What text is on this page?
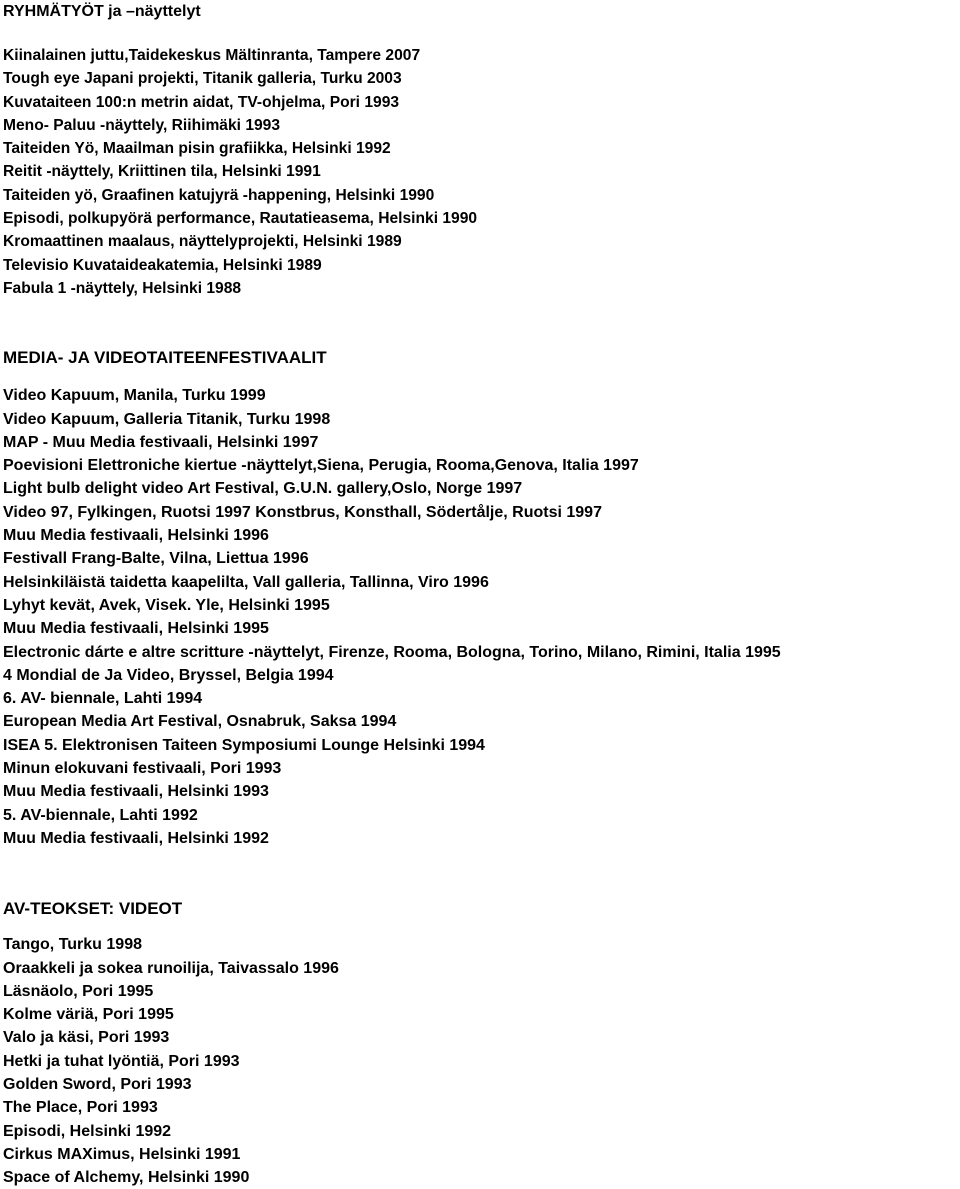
RYHMÄTYÖT ja –näyttelyt
Kiinalainen juttu,Taidekeskus Mältinranta, Tampere 2007
Tough eye Japani projekti, Titanik galleria, Turku 2003
Kuvataiteen 100:n metrin aidat, TV-ohjelma, Pori 1993
Meno- Paluu -näyttely, Riihimäki 1993
Taiteiden Yö, Maailman pisin grafiikka, Helsinki 1992
Reitit -näyttely, Kriittinen tila, Helsinki 1991
Taiteiden yö, Graafinen katujyrä -happening, Helsinki 1990
Episodi, polkupyörä performance, Rautatieasema, Helsinki 1990
Kromaattinen maalaus, näyttelyprojekti, Helsinki 1989
Televisio Kuvataideakatemia, Helsinki 1989
Fabula 1 -näyttely, Helsinki 1988
MEDIA- JA VIDEOTAITEENFESTIVAALIT
Video Kapuum, Manila, Turku 1999
Video Kapuum, Galleria Titanik, Turku 1998
MAP - Muu Media festivaali, Helsinki 1997
Poevisioni Elettroniche kiertue -näyttelyt,Siena, Perugia, Rooma,Genova, Italia 1997
Light bulb delight video Art Festival, G.U.N. gallery,Oslo, Norge 1997
Video 97, Fylkingen, Ruotsi 1997 Konstbrus, Konsthall, Södertålje, Ruotsi 1997
Muu Media festivaali, Helsinki 1996
Festivall Frang-Balte, Vilna, Liettua 1996
Helsinkiläistä taidetta kaapelilta, Vall galleria, Tallinna, Viro 1996
Lyhyt kevät, Avek, Visek. Yle, Helsinki 1995
Muu Media festivaali, Helsinki 1995
Electronic dárte e altre scritture -näyttelyt, Firenze, Rooma, Bologna, Torino, Milano, Rimini, Italia 1995
4 Mondial de Ja Video, Bryssel, Belgia 1994
6. AV- biennale, Lahti 1994
European Media Art Festival, Osnabruk, Saksa 1994
ISEA 5. Elektronisen Taiteen Symposiumi Lounge Helsinki 1994
Minun elokuvani festivaali, Pori 1993
Muu Media festivaali, Helsinki 1993
5. AV-biennale, Lahti 1992
Muu Media festivaali, Helsinki 1992
AV-TEOKSET: VIDEOT
Tango, Turku 1998
Oraakkeli ja sokea runoilija, Taivassalo 1996
Läsnäolo, Pori 1995
Kolme väriä, Pori 1995
Valo ja käsi, Pori 1993
Hetki ja tuhat lyöntiä, Pori 1993
Golden Sword, Pori 1993
The Place, Pori 1993
Episodi, Helsinki 1992
Cirkus MAXimus, Helsinki 1991
Space of Alchemy, Helsinki 1990
